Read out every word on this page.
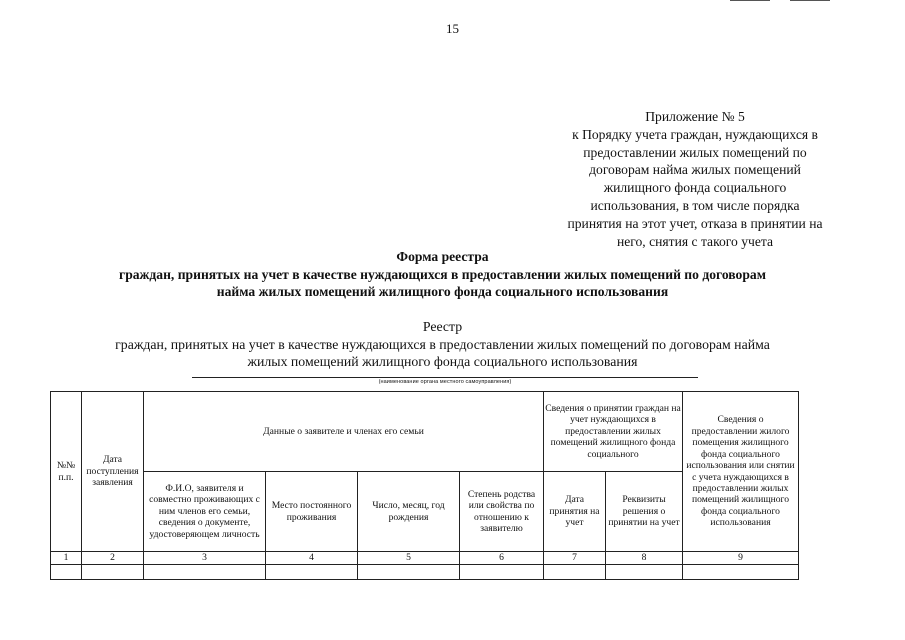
15
Приложение № 5
к Порядку учета граждан, нуждающихся в
предоставлении жилых помещений по
договорам найма жилых помещений
жилищного фонда социального
использования, в том числе порядка
принятия на этот учет, отказа в принятии на
него, снятия с такого учета
Форма реестра
граждан, принятых на учет в качестве нуждающихся в предоставлении жилых помещений по договорам
найма жилых помещений жилищного фонда социального использования
Реестр
граждан, принятых на учет в качестве нуждающихся в предоставлении жилых помещений по договорам найма
жилых помещений жилищного фонда социального использования
(наименование органа местного самоуправления)
№№ п.п.	Дата поступления заявления	Данные о заявителе и членах его семьи				Сведения о принятии граждан на учет нуждающихся в предоставлении жилых помещений жилищного фонда социального		Сведения о предоставлении жилого помещения жилищного фонда социального использования или снятии с учета нуждающихся в предоставлении жилых помещений жилищного фонда социального использования
		Ф.И.О, заявителя и совместно проживающих с ним членов его семьи, сведения о документе, удостоверяющем личность	Место постоянного проживания	Число, месяц, год рождения	Степень родства или свойства по отношению к заявителю	Дата принятия на учет	Реквизиты решения о принятии на учет	
1	2	3	4	5	6	7	8	9
